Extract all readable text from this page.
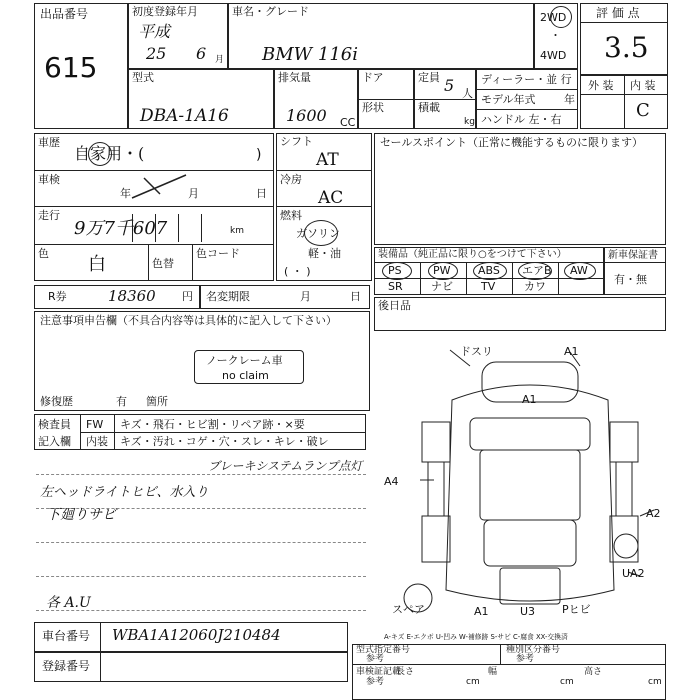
出品番号
615
初度登録年月
平成
25 6 月
車名・グレード
BMW 116i
2WD
・
4WD
評 価 点
3.5
型式
DBA-1A16
排気量
1600 CC
ドア
形状
定員 5 人
積載
kg
ディーラー・並 行
モデル年式	年
ハンドル 左・右
外 装 内 装
C
車歴
自家用・(	)
車検
年	月	日
走行
9万7千607	km
色
白	色替
色コード
シフト
AT
冷房
AC
燃料
ガソリン
軽・油
( ・ )
セールスポイント（正常に機能するものに限ります）
装備品（純正品に限り○をつけて下さい）
PS	PW ABS エアB AW
SR	ナビ	TV	カワ
新車保証書
有・無
R券	18360 円 名変期限	月	日
注意事項申告欄（不具合内容等は具体的に記入して下さい）
ノークレーム車
no claim
修復歴	有 箇所
後日品
検査員
記入欄
FW キズ・飛石・ヒビ割・リペア跡・×要
内装 キズ・汚れ・コゲ・穴・スレ・キレ・破レ
ブレーキシステムランプ点灯
左ヘッドライトヒビ、水入り
下廻りサビ
各 A.U
ドスリ	A1
A1
A4
A2
UA2
スペア	A1	U3 Pヒビ
A-キズ E-エクボ U-凹み W-補修跡 S-サビ C-腐食 XX-交換済
車台番号 WBA1A12060J210484
登録番号
型式指定番号
参考
種別区分番号
参考
車検証記載
参考
長さ
cm
幅
cm
高さ
cm
